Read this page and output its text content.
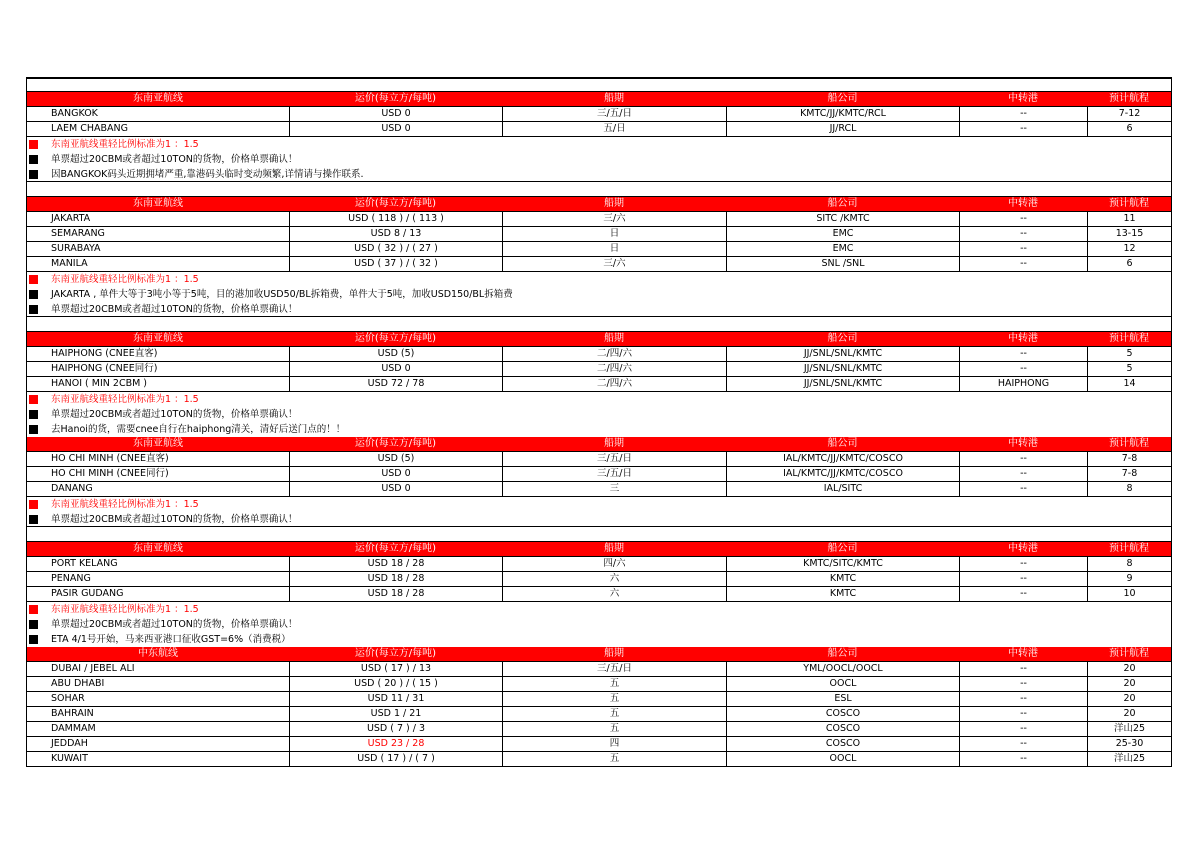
东南亚航线	运价(每立方/每吨)	船期	船公司	中转港	预计航程
BANGKOK	USD 0	三/五/日	KMTC/JJ/KMTC/RCL	--	7-12
LAEM CHABANG	USD 0	五/日	JJ/RCL	--	6
东南亚航线重轻比例标准为1 ：1.5
单票超过20CBM或者超过10TON的货物，价格单票确认！
因BANGKOK码头近期拥堵严重,靠港码头临时变动频繁,详情请与操作联系.
东南亚航线	运价(每立方/每吨)	船期	船公司	中转港	预计航程
JAKARTA	USD ( 118 ) / ( 113 )	三/六	SITC /KMTC	--	11
SEMARANG	USD 8 / 13	日	EMC	--	13-15
SURABAYA	USD ( 32 ) / ( 27 )	日	EMC	--	12
MANILA	USD ( 37 ) / ( 32 )	三/六	SNL /SNL	--	6
东南亚航线重轻比例标准为1 ：1.5
JAKARTA , 单件大等于3吨小等于5吨，目的港加收USD50/BL拆箱费，单件大于5吨，加收USD150/BL拆箱费
单票超过20CBM或者超过10TON的货物，价格单票确认！
东南亚航线	运价(每立方/每吨)	船期	船公司	中转港	预计航程
HAIPHONG (CNEE直客)	USD (5)	二/四/六	JJ/SNL/SNL/KMTC	--	5
HAIPHONG (CNEE同行)	USD 0	二/四/六	JJ/SNL/SNL/KMTC	--	5
HANOI ( MIN 2CBM )	USD 72 / 78	二/四/六	JJ/SNL/SNL/KMTC	HAIPHONG	14
东南亚航线重轻比例标准为1 ：1.5
单票超过20CBM或者超过10TON的货物，价格单票确认！
去Hanoi的货，需要cnee自行在haiphong清关，清好后送门点的！！
东南亚航线	运价(每立方/每吨)	船期	船公司	中转港	预计航程
HO CHI MINH (CNEE直客)	USD (5)	三/五/日	IAL/KMTC/JJ/KMTC/COSCO	--	7-8
HO CHI MINH (CNEE同行)	USD 0	三/五/日	IAL/KMTC/JJ/KMTC/COSCO	--	7-8
DANANG	USD 0	三	IAL/SITC	--	8
东南亚航线重轻比例标准为1 ：1.5
单票超过20CBM或者超过10TON的货物，价格单票确认！
东南亚航线	运价(每立方/每吨)	船期	船公司	中转港	预计航程
PORT KELANG	USD 18 / 28	四/六	KMTC/SITC/KMTC	--	8
PENANG	USD 18 / 28	六	KMTC	--	9
PASIR GUDANG	USD 18 / 28	六	KMTC	--	10
东南亚航线重轻比例标准为1 ：1.5
单票超过20CBM或者超过10TON的货物，价格单票确认！
ETA 4/1号开始，马来西亚港口征收GST=6%（消费税）
中东航线	运价(每立方/每吨)	船期	船公司	中转港	预计航程
DUBAI / JEBEL ALI	USD ( 17 ) / 13	三/五/日	YML/OOCL/OOCL	--	20
ABU DHABI	USD ( 20 ) / ( 15 )	五	OOCL	--	20
SOHAR	USD 11 / 31	五	ESL	--	20
BAHRAIN	USD 1 / 21	五	COSCO	--	20
DAMMAM	USD ( 7 ) / 3	五	COSCO	--	洋山25
JEDDAH	USD 23 / 28	四	COSCO	--	25-30
KUWAIT	USD ( 17 ) / ( 7 )	五	OOCL	--	洋山25
